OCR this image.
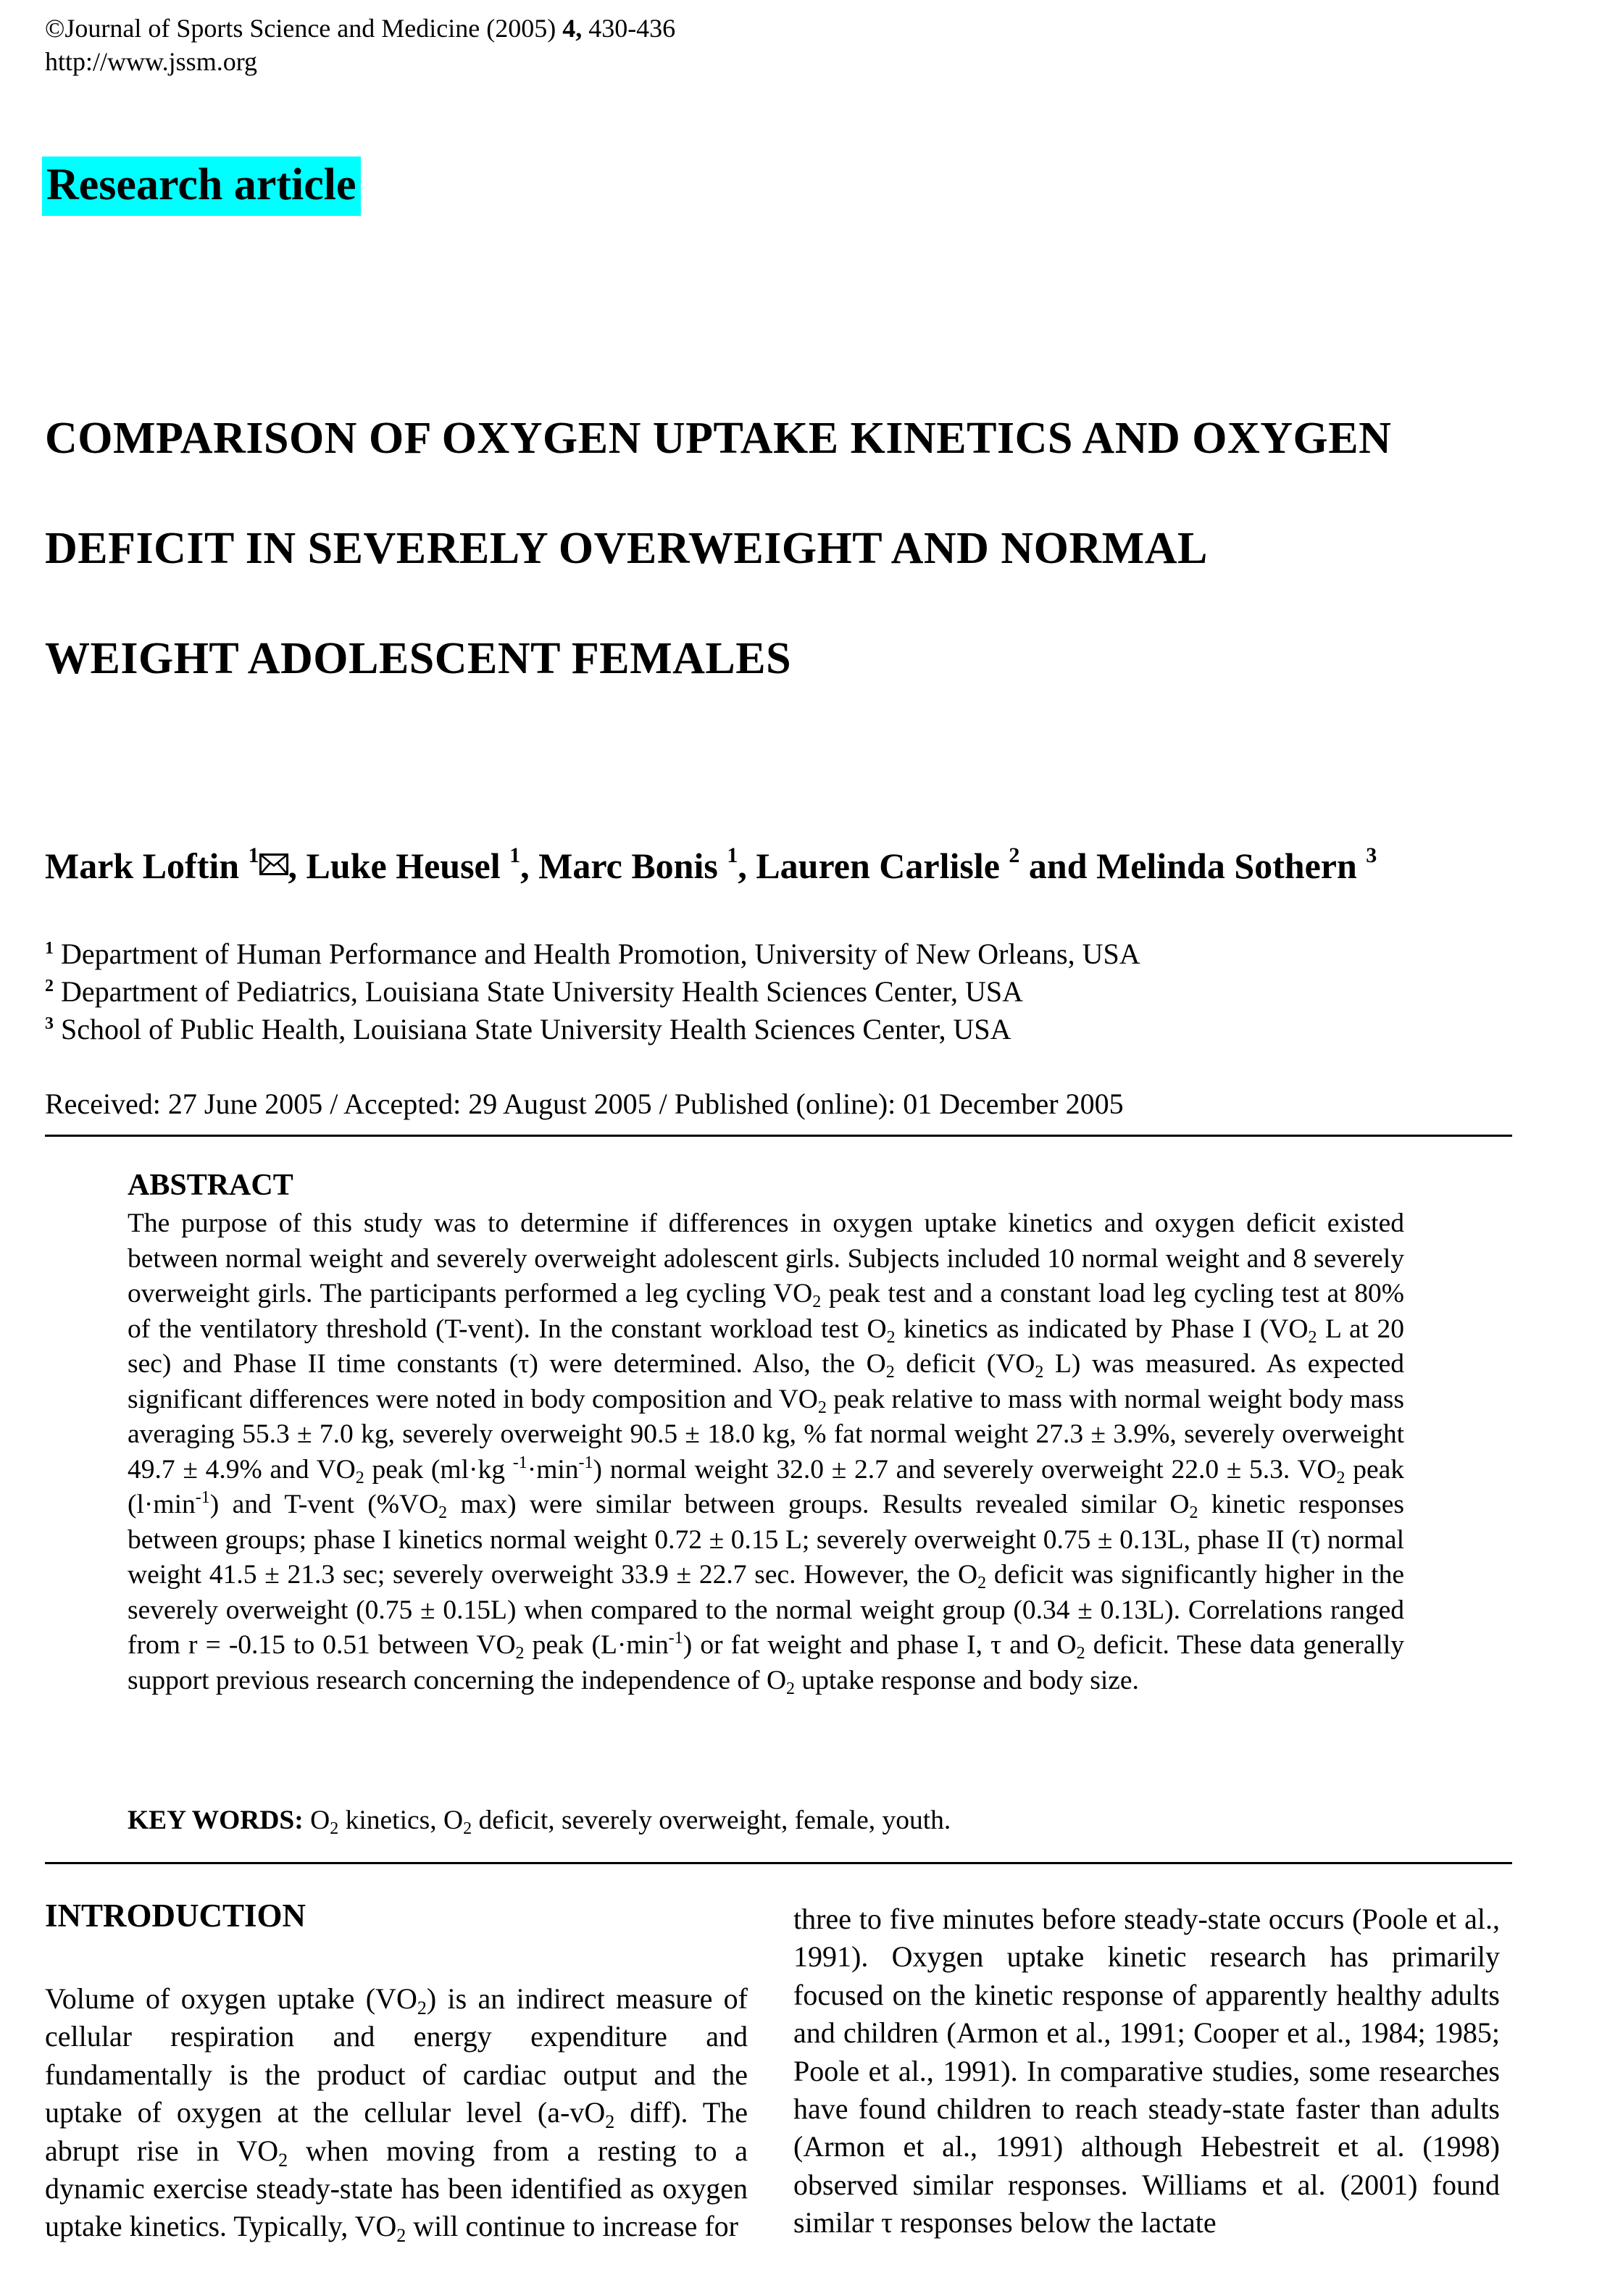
©Journal of Sports Science and Medicine (2005) 4, 430-436
http://www.jssm.org
Research article
COMPARISON OF OXYGEN UPTAKE KINETICS AND OXYGEN
DEFICIT IN SEVERELY OVERWEIGHT AND NORMAL
WEIGHT ADOLESCENT FEMALES
Mark Loftin $^1$ , Luke Heusel $^1$, Marc Bonis $^1$, Lauren Carlisle $^2$ and Melinda Sothern $^3$
$^1$ Department of Human Performance and Health Promotion, University of New Orleans, USA
$^2$ Department of Pediatrics, Louisiana State University Health Sciences Center, USA
$^3$ School of Public Health, Louisiana State University Health Sciences Center, USA
Received: 27 June 2005 / Accepted: 29 August 2005 / Published (online): 01 December 2005
ABSTRACT
The purpose of this study was to determine if differences in oxygen uptake kinetics and oxygen deficit existed between normal weight and severely overweight adolescent girls. Subjects included 10 normal weight and 8 severely overweight girls. The participants performed a leg cycling $VO_2$ peak test and a constant load leg cycling test at 80% of the ventilatory threshold (T-vent). In the constant workload test $O_2$ kinetics as indicated by Phase I ($VO_2$ L at 20 sec) and Phase II time constants (τ) were determined. Also, the $O_2$ deficit ($VO_2$ L) was measured. As expected significant differences were noted in body composition and $VO_2$ peak relative to mass with normal weight body mass averaging 55.3 ± 7.0 kg, severely overweight 90.5 ± 18.0 kg, % fat normal weight 27.3 ± 3.9%, severely overweight 49.7 ± 4.9% and $VO_2$ peak (ml·kg $^{-1}\cdot\min^{-1}$) normal weight 32.0 ± 2.7 and severely overweight 22.0 ± 5.3. $VO_2$ peak $(l\cdot\min^{-1})$ and T-vent ($\%VO_2$ max) were similar between groups. Results revealed similar $O_2$ kinetic responses between groups; phase I kinetics normal weight 0.72 ± 0.15 L; severely overweight 0.75 ± 0.13L, phase II (τ) normal weight 41.5 ± 21.3 sec; severely overweight 33.9 ± 22.7 sec. However, the $O_2$ deficit was significantly higher in the severely overweight (0.75 ± 0.15L) when compared to the normal weight group (0.34 ± 0.13L). Correlations ranged from r = -0.15 to 0.51 between $VO_2$ peak $(L\cdot\min^{-1})$ or fat weight and phase I, τ and $O_2$ deficit. These data generally support previous research concerning the independence of $O_2$ uptake response and body size.
KEY WORDS: $O_2$ kinetics, $O_2$ deficit, severely overweight, female, youth.
INTRODUCTION
Volume of oxygen uptake $(VO_2)$ is an indirect measure of cellular respiration and energy expenditure and fundamentally is the product of cardiac output and the uptake of oxygen at the cellular level ($a-vO_2$ diff). The abrupt rise in $VO_2$ when moving from a resting to a dynamic exercise steady-state has been identified as oxygen uptake kinetics. Typically, $VO_2$ will continue to increase for
three to five minutes before steady-state occurs (Poole et al., 1991). Oxygen uptake kinetic research has primarily focused on the kinetic response of apparently healthy adults and children (Armon et al., 1991; Cooper et al., 1984; 1985; Poole et al., 1991). In comparative studies, some researches have found children to reach steady-state faster than adults (Armon et al., 1991) although Hebestreit et al. (1998) observed similar responses. Williams et al. (2001) found similar τ responses below the lactate
